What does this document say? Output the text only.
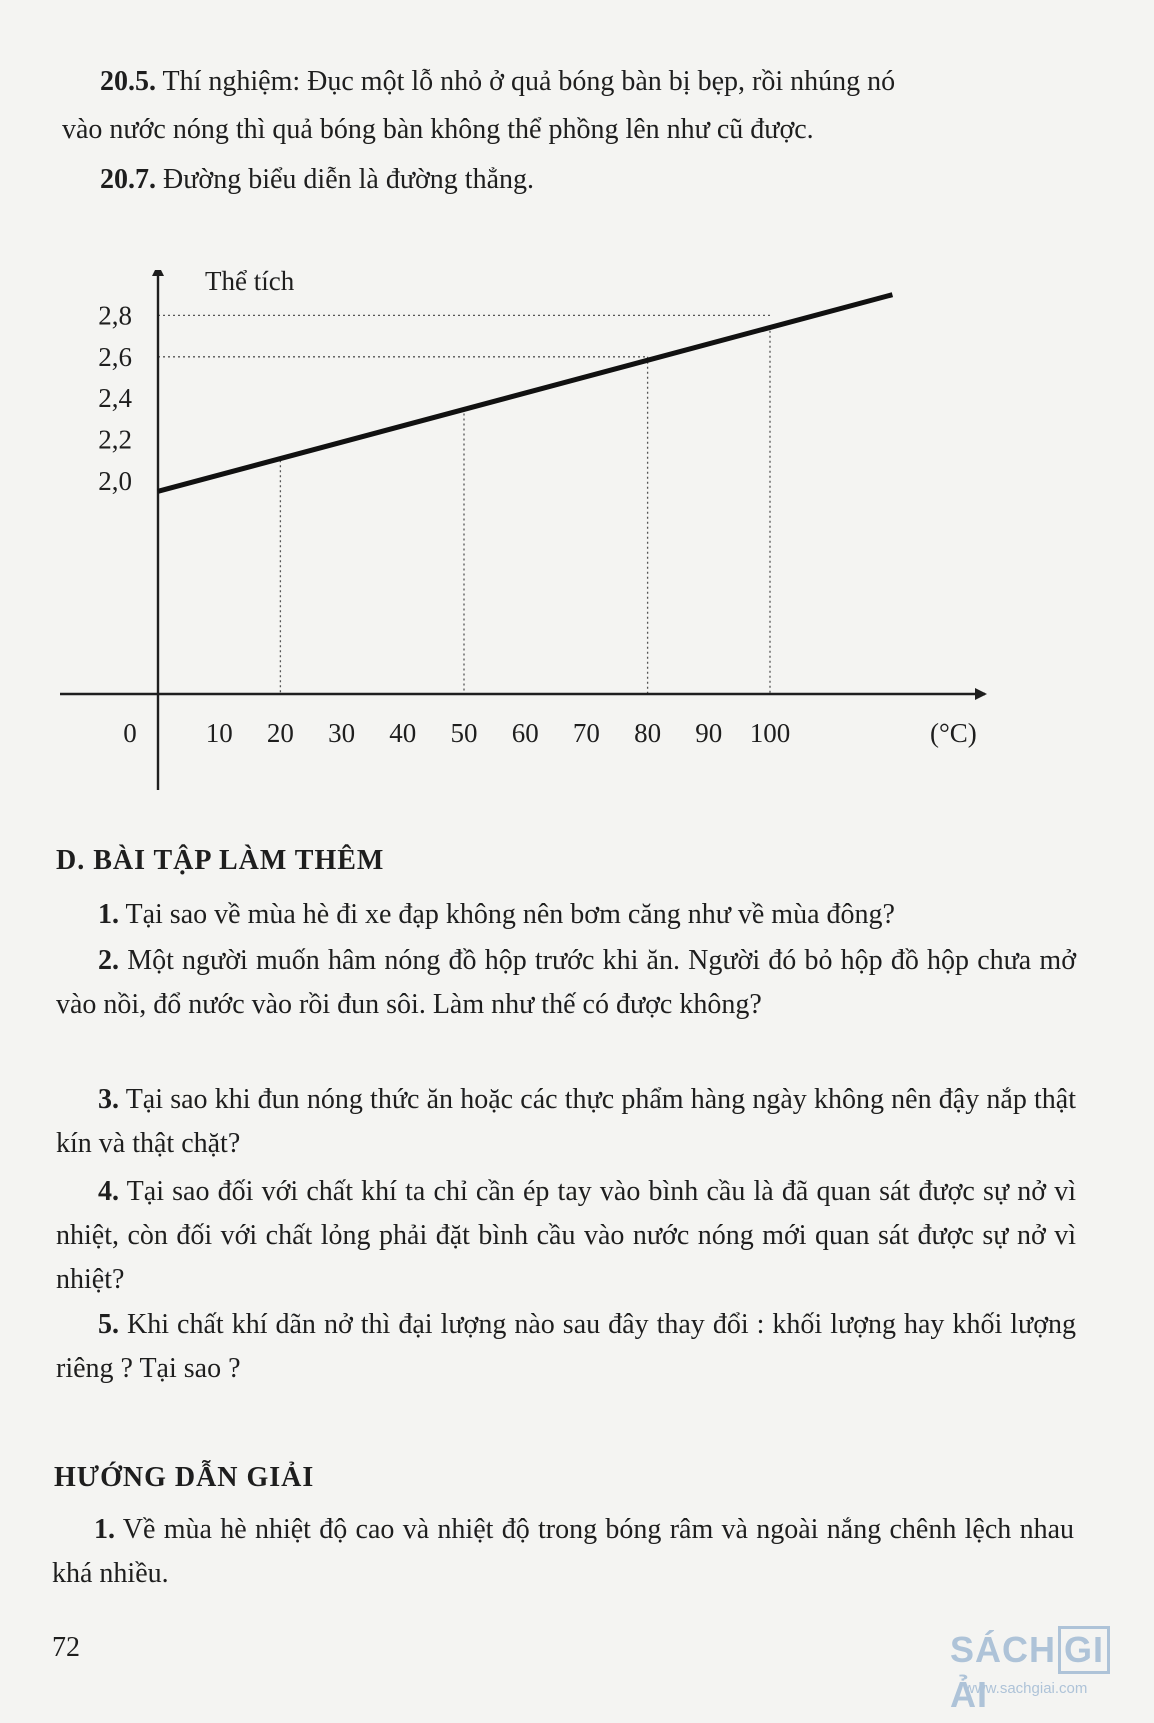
20.5. Thí nghiệm: Đục một lỗ nhỏ ở quả bóng bàn bị bẹp, rồi nhúng nó

vào nước nóng thì quả bóng bàn không thể phồng lên như cũ được.

20.7. Đường biểu diễn là đường thẳng.

Thể tích
(°C)
2,0
2,2
2,4
2,6
2,8
0	10 20 30 40 50 60 70 80 90 100

D. BÀI TẬP LÀM THÊM

1. Tại sao về mùa hè đi xe đạp không nên bơm căng như về mùa đông?

2. Một người muốn hâm nóng đồ hộp trước khi ăn. Người đó bỏ hộp đồ hộp chưa mở vào nồi, đổ nước vào rồi đun sôi. Làm như thế có được không?

3. Tại sao khi đun nóng thức ăn hoặc các thực phẩm hàng ngày không nên đậy nắp thật kín và thật chặt?

4. Tại sao đối với chất khí ta chỉ cần ép tay vào bình cầu là đã quan sát được sự nở vì nhiệt, còn đối với chất lỏng phải đặt bình cầu vào nước nóng mới quan sát được sự nở vì nhiệt?

5. Khi chất khí dãn nở thì đại lượng nào sau đây thay đổi : khối lượng hay khối lượng riêng ? Tại sao ?

HƯỚNG DẪN GIẢI

1. Về mùa hè nhiệt độ cao và nhiệt độ trong bóng râm và ngoài nắng chênh lệch nhau khá nhiều.

72	SÁCH GIẢI
www.sachgiai.com
